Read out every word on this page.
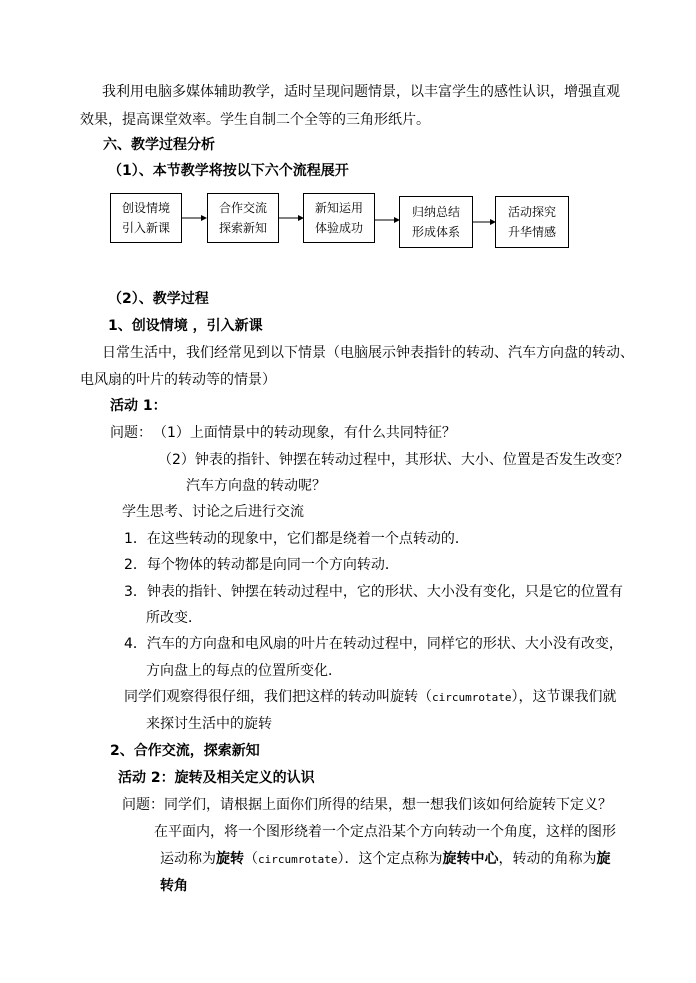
我利用电脑多媒体辅助教学，适时呈现问题情景，以丰富学生的感性认识，增强直观
效果，提高课堂效率。学生自制二个全等的三角形纸片。
六、教学过程分析
（1）、本节教学将按以下六个流程展开
创设情境
引入新课
合作交流
探索新知
新知运用
体验成功
归纳总结
形成体系
活动探究
升华情感
（2）、教学过程
1、创设情境 ，引入新课
日常生活中，我们经常见到以下情景（电脑展示钟表指针的转动、汽车方向盘的转动、
电风扇的叶片的转动等的情景）
活动 1：
问题： （1）上面情景中的转动现象，有什么共同特征？
（2）钟表的指针、钟摆在转动过程中，其形状、大小、位置是否发生改变？
汽车方向盘的转动呢？
学生思考、讨论之后进行交流
1．在这些转动的现象中，它们都是绕着一个点转动的．
2．每个物体的转动都是向同一个方向转动．
3．钟表的指针、钟摆在转动过程中，它的形状、大小没有变化，只是它的位置有
所改变．
4．汽车的方向盘和电风扇的叶片在转动过程中，同样它的形状、大小没有改变，
方向盘上的每点的位置所变化．
同学们观察得很仔细，我们把这样的转动叫旋转（circumrotate），这节课我们就
来探讨生活中的旋转
2、合作交流，探索新知
活动 2：旋转及相关定义的认识
问题：同学们，请根据上面你们所得的结果，想一想我们该如何给旋转下定义？
在平面内，将一个图形绕着一个定点沿某个方向转动一个角度，这样的图形
运动称为旋转（circumrotate）．这个定点称为旋转中心，转动的角称为旋
转角
